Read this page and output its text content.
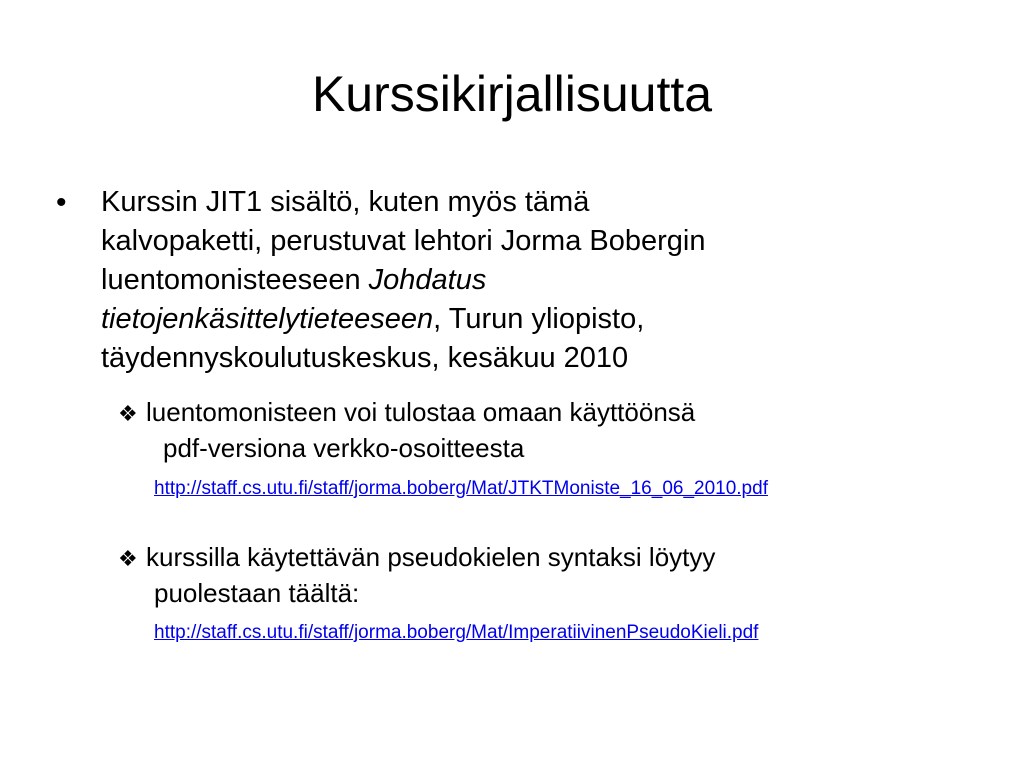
Kurssikirjallisuutta
• Kurssin JIT1 sisältö, kuten myös tämä
kalvopaketti, perustuvat lehtori Jorma Bobergin
luentomonisteeseen Johdatus
tietojenkäsittelytieteeseen, Turun yliopisto,
täydennyskoulutuskeskus, kesäkuu 2010
❖ luentomonisteen voi tulostaa omaan käyttöönsä
pdf-versiona verkko-osoitteesta
http://staff.cs.utu.fi/staff/jorma.boberg/Mat/JTKTMoniste_16_06_2010.pdf
❖ kurssilla käytettävän pseudokielen syntaksi löytyy
puolestaan täältä:
http://staff.cs.utu.fi/staff/jorma.boberg/Mat/ImperatiivinenPseudoKieli.pdf
